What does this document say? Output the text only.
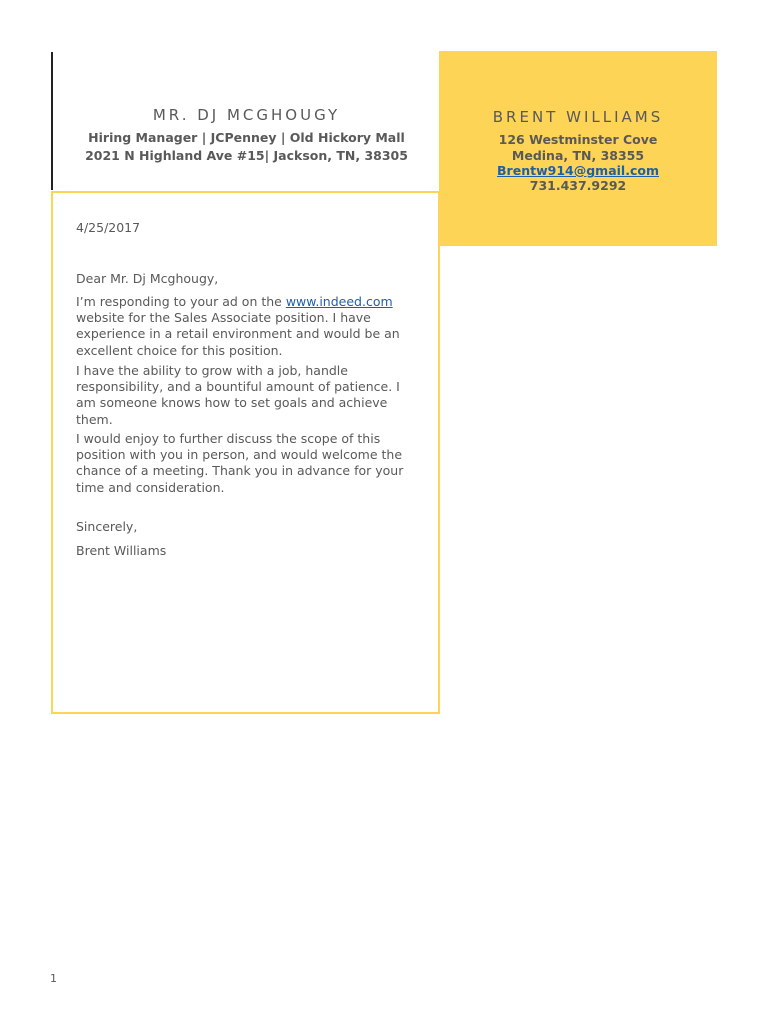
MR. DJ MCGHOUGY
Hiring Manager | JCPenney | Old Hickory Mall
2021 N Highland Ave #15| Jackson, TN, 38305
BRENT WILLIAMS
126 Westminster Cove
Medina, TN, 38355
Brentw914@gmail.com
731.437.9292
4/25/2017
Dear Mr. Dj Mcghougy,
I’m responding to your ad on the www.indeed.com website for the Sales Associate position. I have experience in a retail environment and would be an excellent choice for this position.
I have the ability to grow with a job, handle responsibility, and a bountiful amount of patience. I am someone knows how to set goals and achieve them.
I would enjoy to further discuss the scope of this position with you in person, and would welcome the chance of a meeting. Thank you in advance for your time and consideration.
Sincerely,
Brent Williams
1
